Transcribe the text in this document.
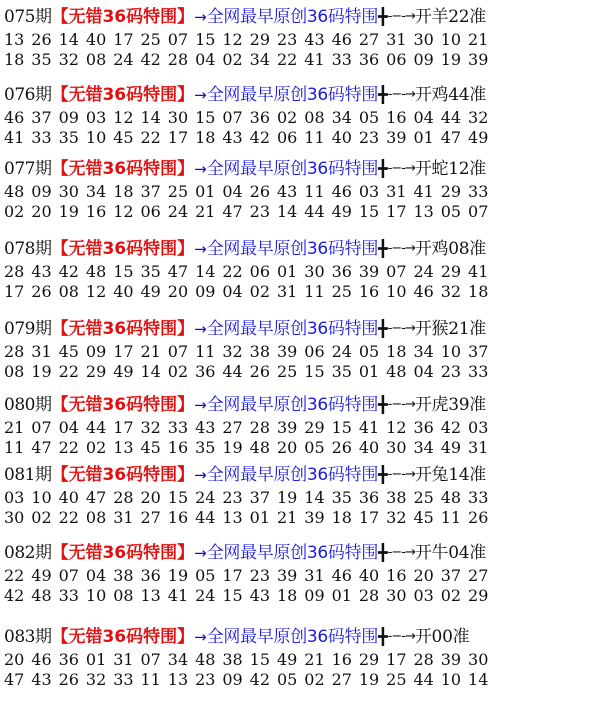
075期【无错36码特围】→全网最早原创36码特围╋-−-→开羊22准
13 26 14 40 17 25 07 15 12 29 23 43 46 27 31 30 10 21
18 35 32 08 24 42 28 04 02 34 22 41 33 36 06 09 19 39
076期【无错36码特围】→全网最早原创36码特围╋-−-→开鸡44准
46 37 09 03 12 14 30 15 07 36 02 08 34 05 16 04 44 32
41 33 35 10 45 22 17 18 43 42 06 11 40 23 39 01 47 49
077期【无错36码特围】→全网最早原创36码特围╋-−-→开蛇12准
48 09 30 34 18 37 25 01 04 26 43 11 46 03 31 41 29 33
02 20 19 16 12 06 24 21 47 23 14 44 49 15 17 13 05 07
078期【无错36码特围】→全网最早原创36码特围╋-−-→开鸡08准
28 43 42 48 15 35 47 14 22 06 01 30 36 39 07 24 29 41
17 26 08 12 40 49 20 09 04 02 31 11 25 16 10 46 32 18
079期【无错36码特围】→全网最早原创36码特围╋-−-→开猴21准
28 31 45 09 17 21 07 11 32 38 39 06 24 05 18 34 10 37
08 19 22 29 49 14 02 36 44 26 25 15 35 01 48 04 23 33
080期【无错36码特围】→全网最早原创36码特围╋-−-→开虎39准
21 07 04 44 17 32 33 43 27 28 39 29 15 41 12 36 42 03
11 47 22 02 13 45 16 35 19 48 20 05 26 40 30 34 49 31
081期【无错36码特围】→全网最早原创36码特围╋-−-→开兔14准
03 10 40 47 28 20 15 24 23 37 19 14 35 36 38 25 48 33
30 02 22 08 31 27 16 44 13 01 21 39 18 17 32 45 11 26
082期【无错36码特围】→全网最早原创36码特围╋-−-→开牛04准
22 49 07 04 38 36 19 05 17 23 39 31 46 40 16 20 37 27
42 48 33 10 08 13 41 24 15 43 18 09 01 28 30 03 02 29
083期【无错36码特围】→全网最早原创36码特围╋-−-→开00准
20 46 36 01 31 07 34 48 38 15 49 21 16 29 17 28 39 30
47 43 26 32 33 11 13 23 09 42 05 02 27 19 25 44 10 14
